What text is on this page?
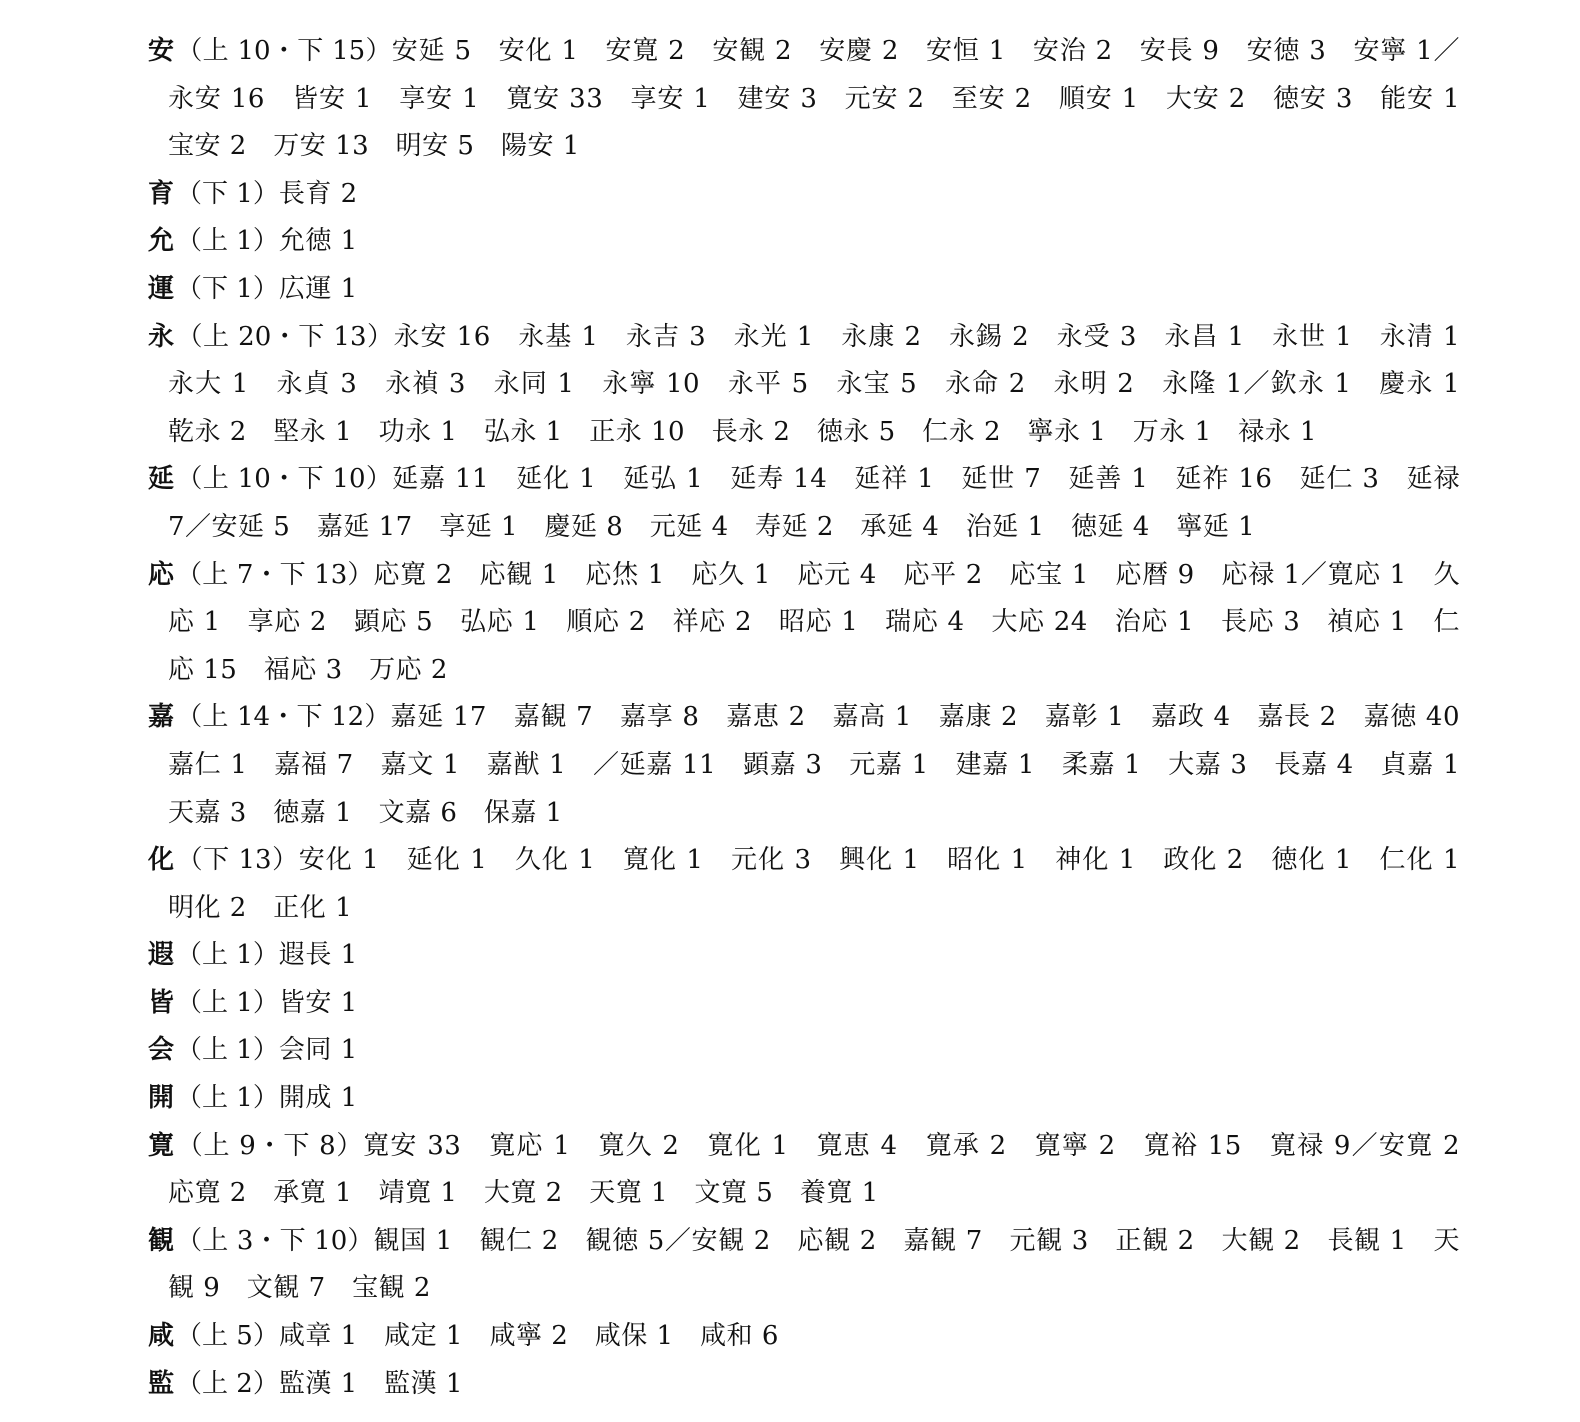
安（上 10・下 15）安延 5　安化 1　安寛 2　安観 2　安慶 2　安恒 1　安治 2　安長 9　安徳 3　安寧 1／永安 16　皆安 1　享安 1　寛安 33　享安 1　建安 3　元安 2　至安 2　順安 1　大安 2　徳安 3　能安 1　宝安 2　万安 13　明安 5　陽安 1

育（下 1）長育 2

允（上 1）允徳 1

運（下 1）広運 1

永（上 20・下 13）永安 16　永基 1　永吉 3　永光 1　永康 2　永錫 2　永受 3　永昌 1　永世 1　永清 1　永大 1　永貞 3　永禎 3　永同 1　永寧 10　永平 5　永宝 5　永命 2　永明 2　永隆 1／欽永 1　慶永 1　乾永 2　堅永 1　功永 1　弘永 1　正永 10　長永 2　徳永 5　仁永 2　寧永 1　万永 1　禄永 1

延（上 10・下 10）延嘉 11　延化 1　延弘 1　延寿 14　延祥 1　延世 7　延善 1　延祚 16　延仁 3　延禄 7／安延 5　嘉延 17　享延 1　慶延 8　元延 4　寿延 2　承延 4　治延 1　徳延 4　寧延 1

応（上 7・下 13）応寛 2　応観 1　応烋 1　応久 1　応元 4　応平 2　応宝 1　応暦 9　応禄 1／寛応 1　久応 1　享応 2　顕応 5　弘応 1　順応 2　祥応 2　昭応 1　瑞応 4　大応 24　治応 1　長応 3　禎応 1　仁応 15　福応 3　万応 2

嘉（上 14・下 12）嘉延 17　嘉観 7　嘉享 8　嘉恵 2　嘉高 1　嘉康 2　嘉彰 1　嘉政 4　嘉長 2　嘉徳 40　嘉仁 1　嘉福 7　嘉文 1　嘉猷 1　／延嘉 11　顕嘉 3　元嘉 1　建嘉 1　柔嘉 1　大嘉 3　長嘉 4　貞嘉 1　天嘉 3　徳嘉 1　文嘉 6　保嘉 1

化（下 13）安化 1　延化 1　久化 1　寛化 1　元化 3　興化 1　昭化 1　神化 1　政化 2　徳化 1　仁化 1　明化 2　正化 1

遐（上 1）遐長 1

皆（上 1）皆安 1

会（上 1）会同 1

開（上 1）開成 1

寛（上 9・下 8）寛安 33　寛応 1　寛久 2　寛化 1　寛恵 4　寛承 2　寛寧 2　寛裕 15　寛禄 9／安寛 2　応寛 2　承寛 1　靖寛 1　大寛 2　天寛 1　文寛 5　養寛 1

観（上 3・下 10）観国 1　観仁 2　観徳 5／安観 2　応観 2　嘉観 7　元観 3　正観 2　大観 2　長観 1　天観 9　文観 7　宝観 2

咸（上 5）咸章 1　咸定 1　咸寧 2　咸保 1　咸和 6

監（上 2）監漢 1　監漢 1
